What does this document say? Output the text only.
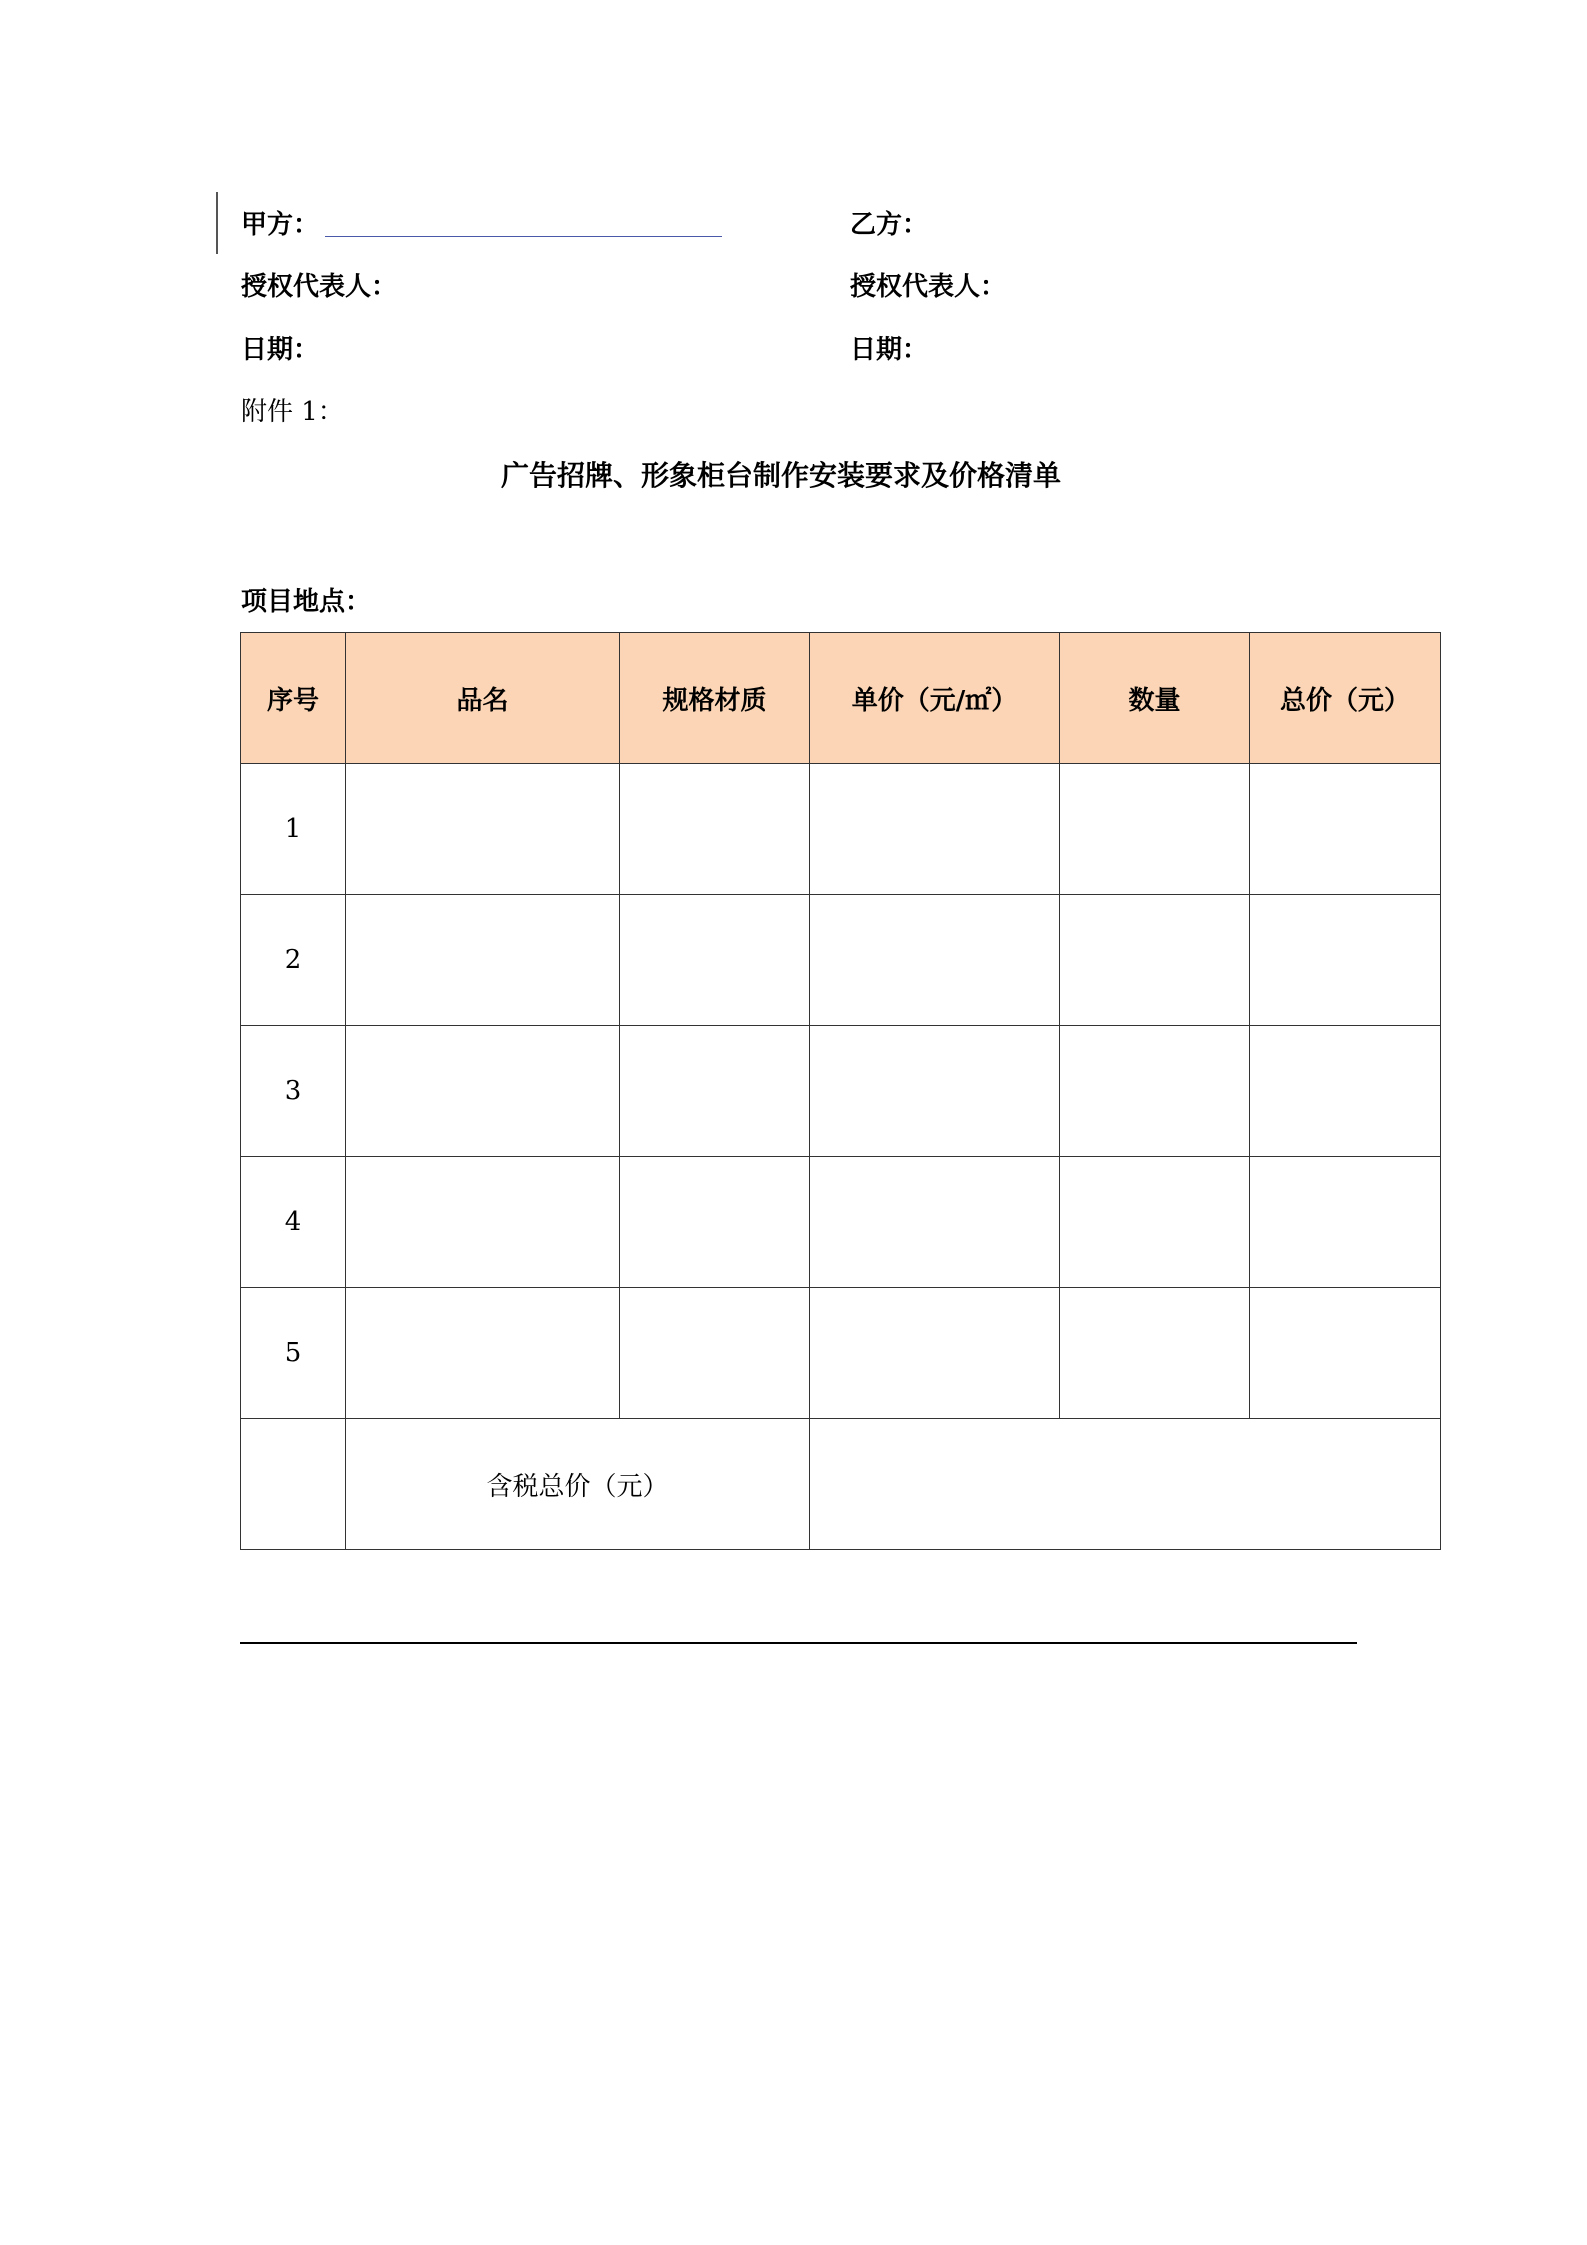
甲方：	乙方：
授权代表人：	授权代表人：
日期：	日期：
附件 1：
广告招牌、形象柜台制作安装要求及价格清单
项目地点：
序号	品名	规格材质	单价（元/㎡）	数量	总价（元）
1					
2					
3					
4					
5					
	含税总价（元）				
